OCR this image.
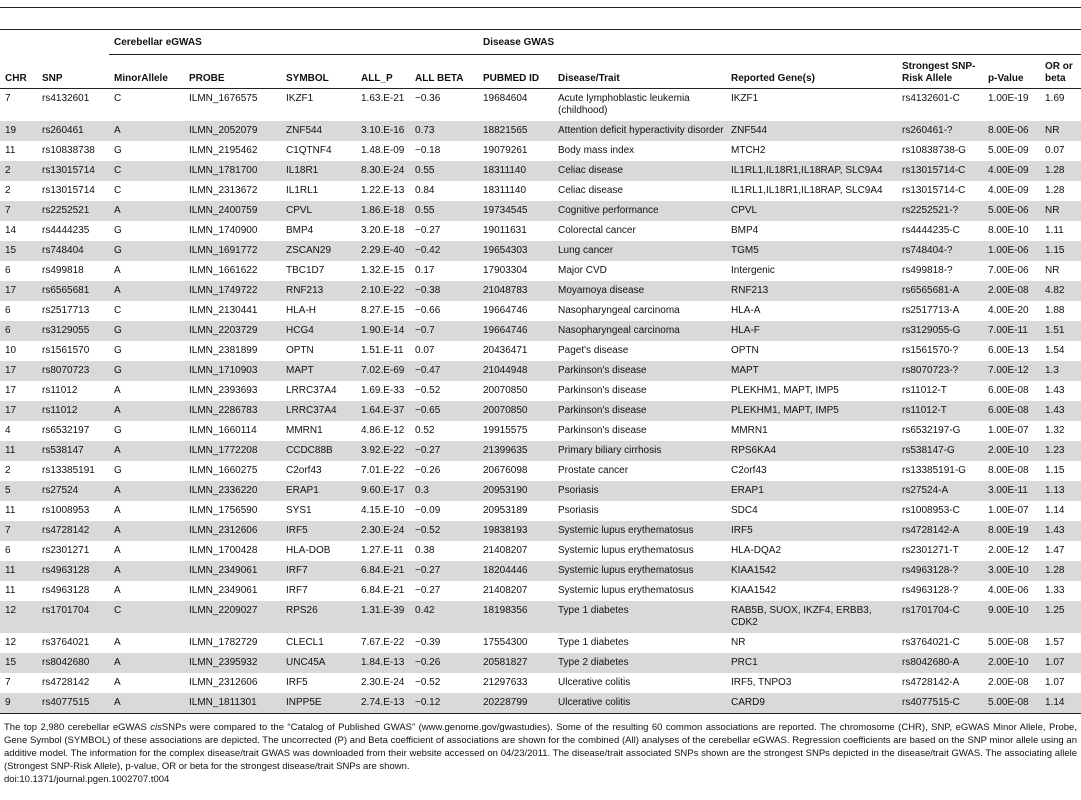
		Cerebellar eGWAS					Disease GWAS					
CHR	SNP	MinorAllele	PROBE	SYMBOL	ALL_P	ALL BETA	PUBMED ID	Disease/Trait	Reported Gene(s)	Strongest SNP-Risk Allele	p-Value	OR or beta
7	rs4132601	C	ILMN_1676575	IKZF1	1.63.E-21	−0.36	19684604	Acute lymphoblastic leukemia (childhood)	IKZF1	rs4132601-C	1.00E-19	1.69
19	rs260461	A	ILMN_2052079	ZNF544	3.10.E-16	0.73	18821565	Attention deficit hyperactivity disorder	ZNF544	rs260461-?	8.00E-06	NR
11	rs10838738	G	ILMN_2195462	C1QTNF4	1.48.E-09	−0.18	19079261	Body mass index	MTCH2	rs10838738-G	5.00E-09	0.07
2	rs13015714	C	ILMN_1781700	IL18R1	8.30.E-24	0.55	18311140	Celiac disease	IL1RL1,IL18R1,IL18RAP, SLC9A4	rs13015714-C	4.00E-09	1.28
2	rs13015714	C	ILMN_2313672	IL1RL1	1.22.E-13	0.84	18311140	Celiac disease	IL1RL1,IL18R1,IL18RAP, SLC9A4	rs13015714-C	4.00E-09	1.28
7	rs2252521	A	ILMN_2400759	CPVL	1.86.E-18	0.55	19734545	Cognitive performance	CPVL	rs2252521-?	5.00E-06	NR
14	rs4444235	G	ILMN_1740900	BMP4	3.20.E-18	−0.27	19011631	Colorectal cancer	BMP4	rs4444235-C	8.00E-10	1.11
15	rs748404	G	ILMN_1691772	ZSCAN29	2.29.E-40	−0.42	19654303	Lung cancer	TGM5	rs748404-?	1.00E-06	1.15
6	rs499818	A	ILMN_1661622	TBC1D7	1.32.E-15	0.17	17903304	Major CVD	Intergenic	rs499818-?	7.00E-06	NR
17	rs6565681	A	ILMN_1749722	RNF213	2.10.E-22	−0.38	21048783	Moyamoya disease	RNF213	rs6565681-A	2.00E-08	4.82
6	rs2517713	C	ILMN_2130441	HLA-H	8.27.E-15	−0.66	19664746	Nasopharyngeal carcinoma	HLA-A	rs2517713-A	4.00E-20	1.88
6	rs3129055	G	ILMN_2203729	HCG4	1.90.E-14	−0.7	19664746	Nasopharyngeal carcinoma	HLA-F	rs3129055-G	7.00E-11	1.51
10	rs1561570	G	ILMN_2381899	OPTN	1.51.E-11	0.07	20436471	Paget's disease	OPTN	rs1561570-?	6.00E-13	1.54
17	rs8070723	G	ILMN_1710903	MAPT	7.02.E-69	−0.47	21044948	Parkinson's disease	MAPT	rs8070723-?	7.00E-12	1.3
17	rs11012	A	ILMN_2393693	LRRC37A4	1.69.E-33	−0.52	20070850	Parkinson's disease	PLEKHM1, MAPT, IMP5	rs11012-T	6.00E-08	1.43
17	rs11012	A	ILMN_2286783	LRRC37A4	1.64.E-37	−0.65	20070850	Parkinson's disease	PLEKHM1, MAPT, IMP5	rs11012-T	6.00E-08	1.43
4	rs6532197	G	ILMN_1660114	MMRN1	4.86.E-12	0.52	19915575	Parkinson's disease	MMRN1	rs6532197-G	1.00E-07	1.32
11	rs538147	A	ILMN_1772208	CCDC88B	3.92.E-22	−0.27	21399635	Primary biliary cirrhosis	RPS6KA4	rs538147-G	2.00E-10	1.23
2	rs13385191	G	ILMN_1660275	C2orf43	7.01.E-22	−0.26	20676098	Prostate cancer	C2orf43	rs13385191-G	8.00E-08	1.15
5	rs27524	A	ILMN_2336220	ERAP1	9.60.E-17	0.3	20953190	Psoriasis	ERAP1	rs27524-A	3.00E-11	1.13
11	rs1008953	A	ILMN_1756590	SYS1	4.15.E-10	−0.09	20953189	Psoriasis	SDC4	rs1008953-C	1.00E-07	1.14
7	rs4728142	A	ILMN_2312606	IRF5	2.30.E-24	−0.52	19838193	Systemic lupus erythematosus	IRF5	rs4728142-A	8.00E-19	1.43
6	rs2301271	A	ILMN_1700428	HLA-DOB	1.27.E-11	0.38	21408207	Systemic lupus erythematosus	HLA-DQA2	rs2301271-T	2.00E-12	1.47
11	rs4963128	A	ILMN_2349061	IRF7	6.84.E-21	−0.27	18204446	Systemic lupus erythematosus	KIAA1542	rs4963128-?	3.00E-10	1.28
11	rs4963128	A	ILMN_2349061	IRF7	6.84.E-21	−0.27	21408207	Systemic lupus erythematosus	KIAA1542	rs4963128-?	4.00E-06	1.33
12	rs1701704	C	ILMN_2209027	RPS26	1.31.E-39	0.42	18198356	Type 1 diabetes	RAB5B, SUOX, IKZF4, ERBB3, CDK2	rs1701704-C	9.00E-10	1.25
12	rs3764021	A	ILMN_1782729	CLECL1	7.67.E-22	−0.39	17554300	Type 1 diabetes	NR	rs3764021-C	5.00E-08	1.57
15	rs8042680	A	ILMN_2395932	UNC45A	1.84.E-13	−0.26	20581827	Type 2 diabetes	PRC1	rs8042680-A	2.00E-10	1.07
7	rs4728142	A	ILMN_2312606	IRF5	2.30.E-24	−0.52	21297633	Ulcerative colitis	IRF5, TNPO3	rs4728142-A	2.00E-08	1.07
9	rs4077515	A	ILMN_1811301	INPP5E	2.74.E-13	−0.12	20228799	Ulcerative colitis	CARD9	rs4077515-C	5.00E-08	1.14
The top 2,980 cerebellar eGWAS cisSNPs were compared to the “Catalog of Published GWAS” (www.genome.gov/gwastudies). Some of the resulting 60 common associations are reported. The chromosome (CHR), SNP, eGWAS Minor Allele, Probe, Gene Symbol (SYMBOL) of these associations are depicted. The uncorrected (P) and Beta coefficient of associations are shown for the combined (All) analyses of the cerebellar eGWAS. Regression coefficients are based on the SNP minor allele using an additive model. The information for the complex disease/trait GWAS was downloaded from their website accessed on 04/23/2011. The disease/trait associated SNPs shown are the strongest SNPs depicted in the disease/trait GWAS. The associating allele (Strongest SNP-Risk Allele), p-value, OR or beta for the strongest disease/trait SNPs are shown.
doi:10.1371/journal.pgen.1002707.t004
